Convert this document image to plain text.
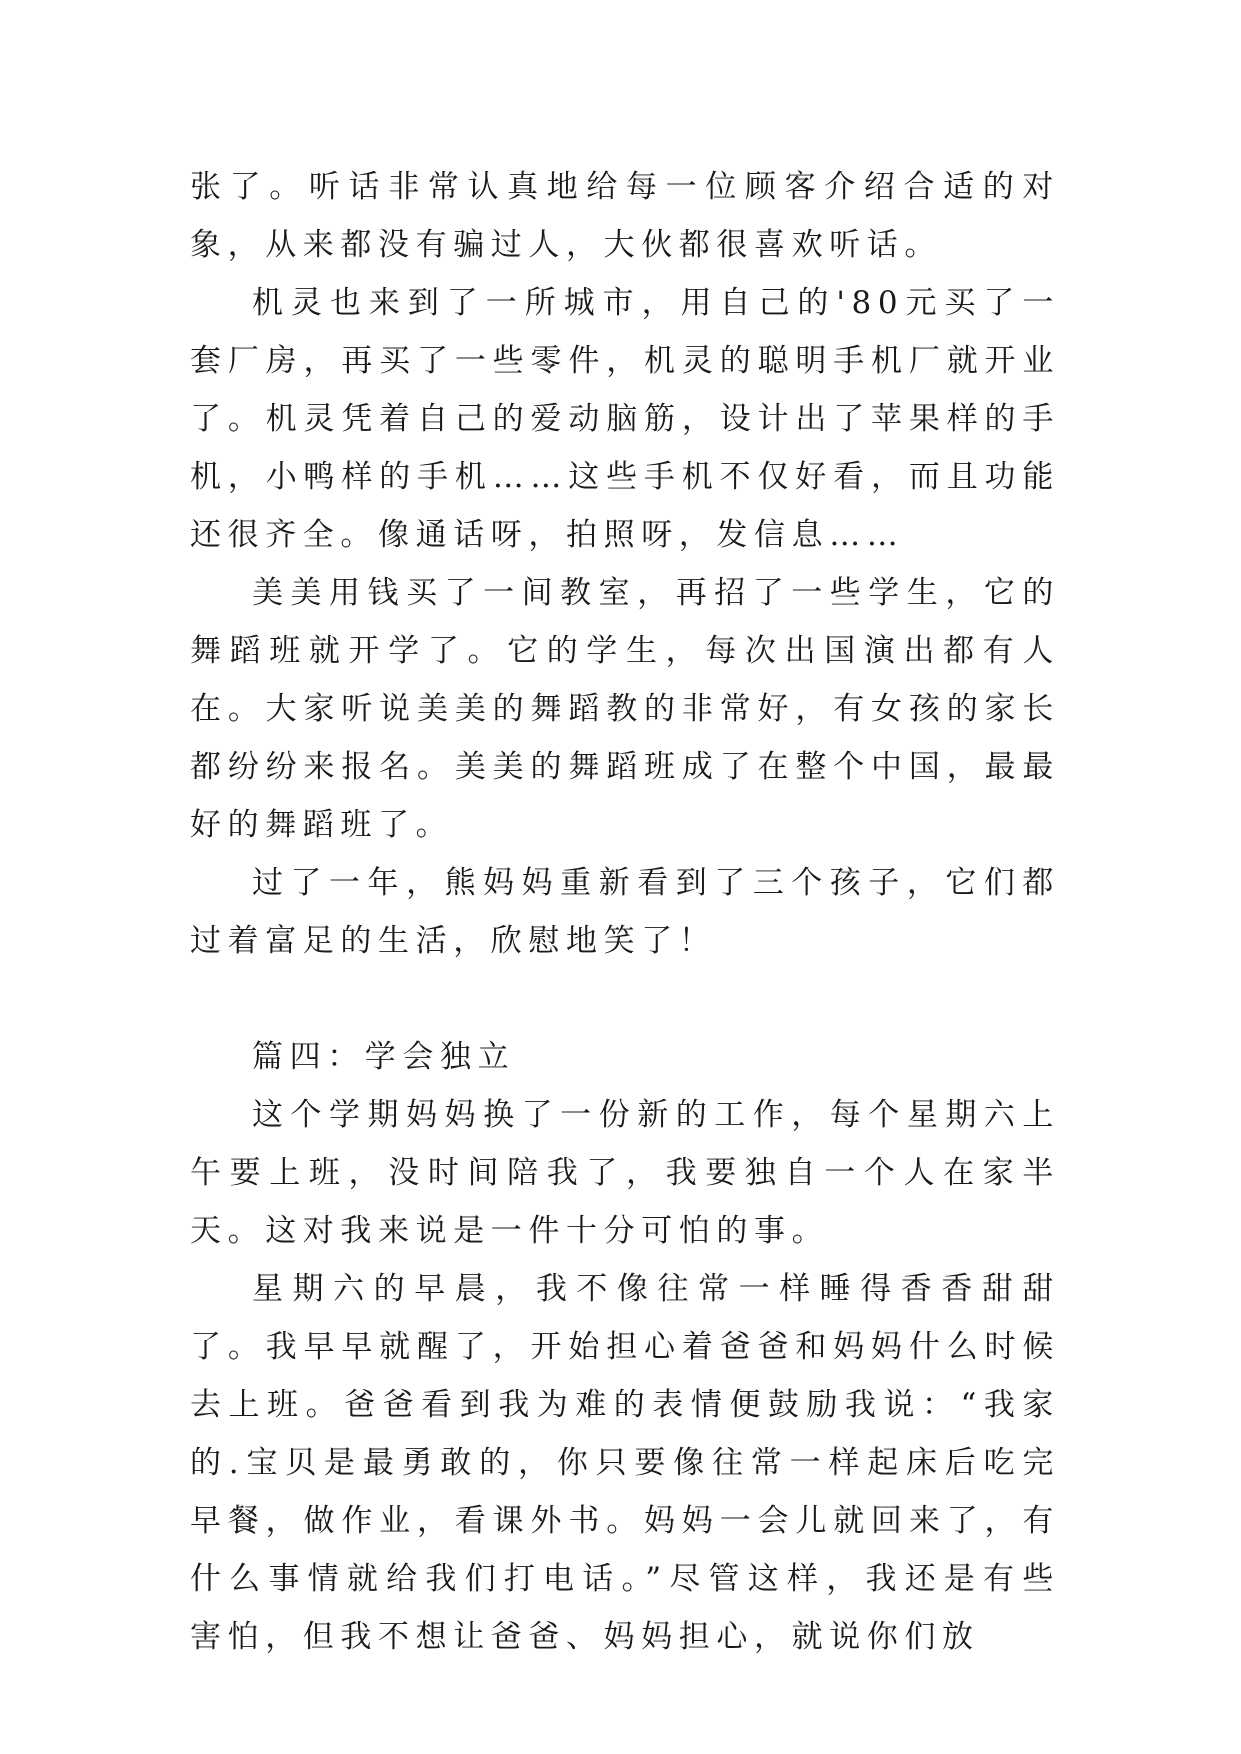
张了。听话非常认真地给每一位顾客介绍合适的对象，从来都没有骗过人，大伙都很喜欢听话。

机灵也来到了一所城市，用自己的'80元买了一套厂房，再买了一些零件，机灵的聪明手机厂就开业了。机灵凭着自己的爱动脑筋，设计出了苹果样的手机，小鸭样的手机……这些手机不仅好看，而且功能还很齐全。像通话呀，拍照呀，发信息……

美美用钱买了一间教室，再招了一些学生，它的舞蹈班就开学了。它的学生，每次出国演出都有人在。大家听说美美的舞蹈教的非常好，有女孩的家长都纷纷来报名。美美的舞蹈班成了在整个中国，最最好的舞蹈班了。

过了一年，熊妈妈重新看到了三个孩子，它们都过着富足的生活，欣慰地笑了！

篇四：学会独立

这个学期妈妈换了一份新的工作，每个星期六上午要上班，没时间陪我了，我要独自一个人在家半天。这对我来说是一件十分可怕的事。

星期六的早晨，我不像往常一样睡得香香甜甜了。我早早就醒了，开始担心着爸爸和妈妈什么时候去上班。爸爸看到我为难的表情便鼓励我说：“我家的.宝贝是最勇敢的，你只要像往常一样起床后吃完早餐，做作业，看课外书。妈妈一会儿就回来了，有什么事情就给我们打电话。”尽管这样，我还是有些害怕，但我不想让爸爸、妈妈担心，就说你们放
